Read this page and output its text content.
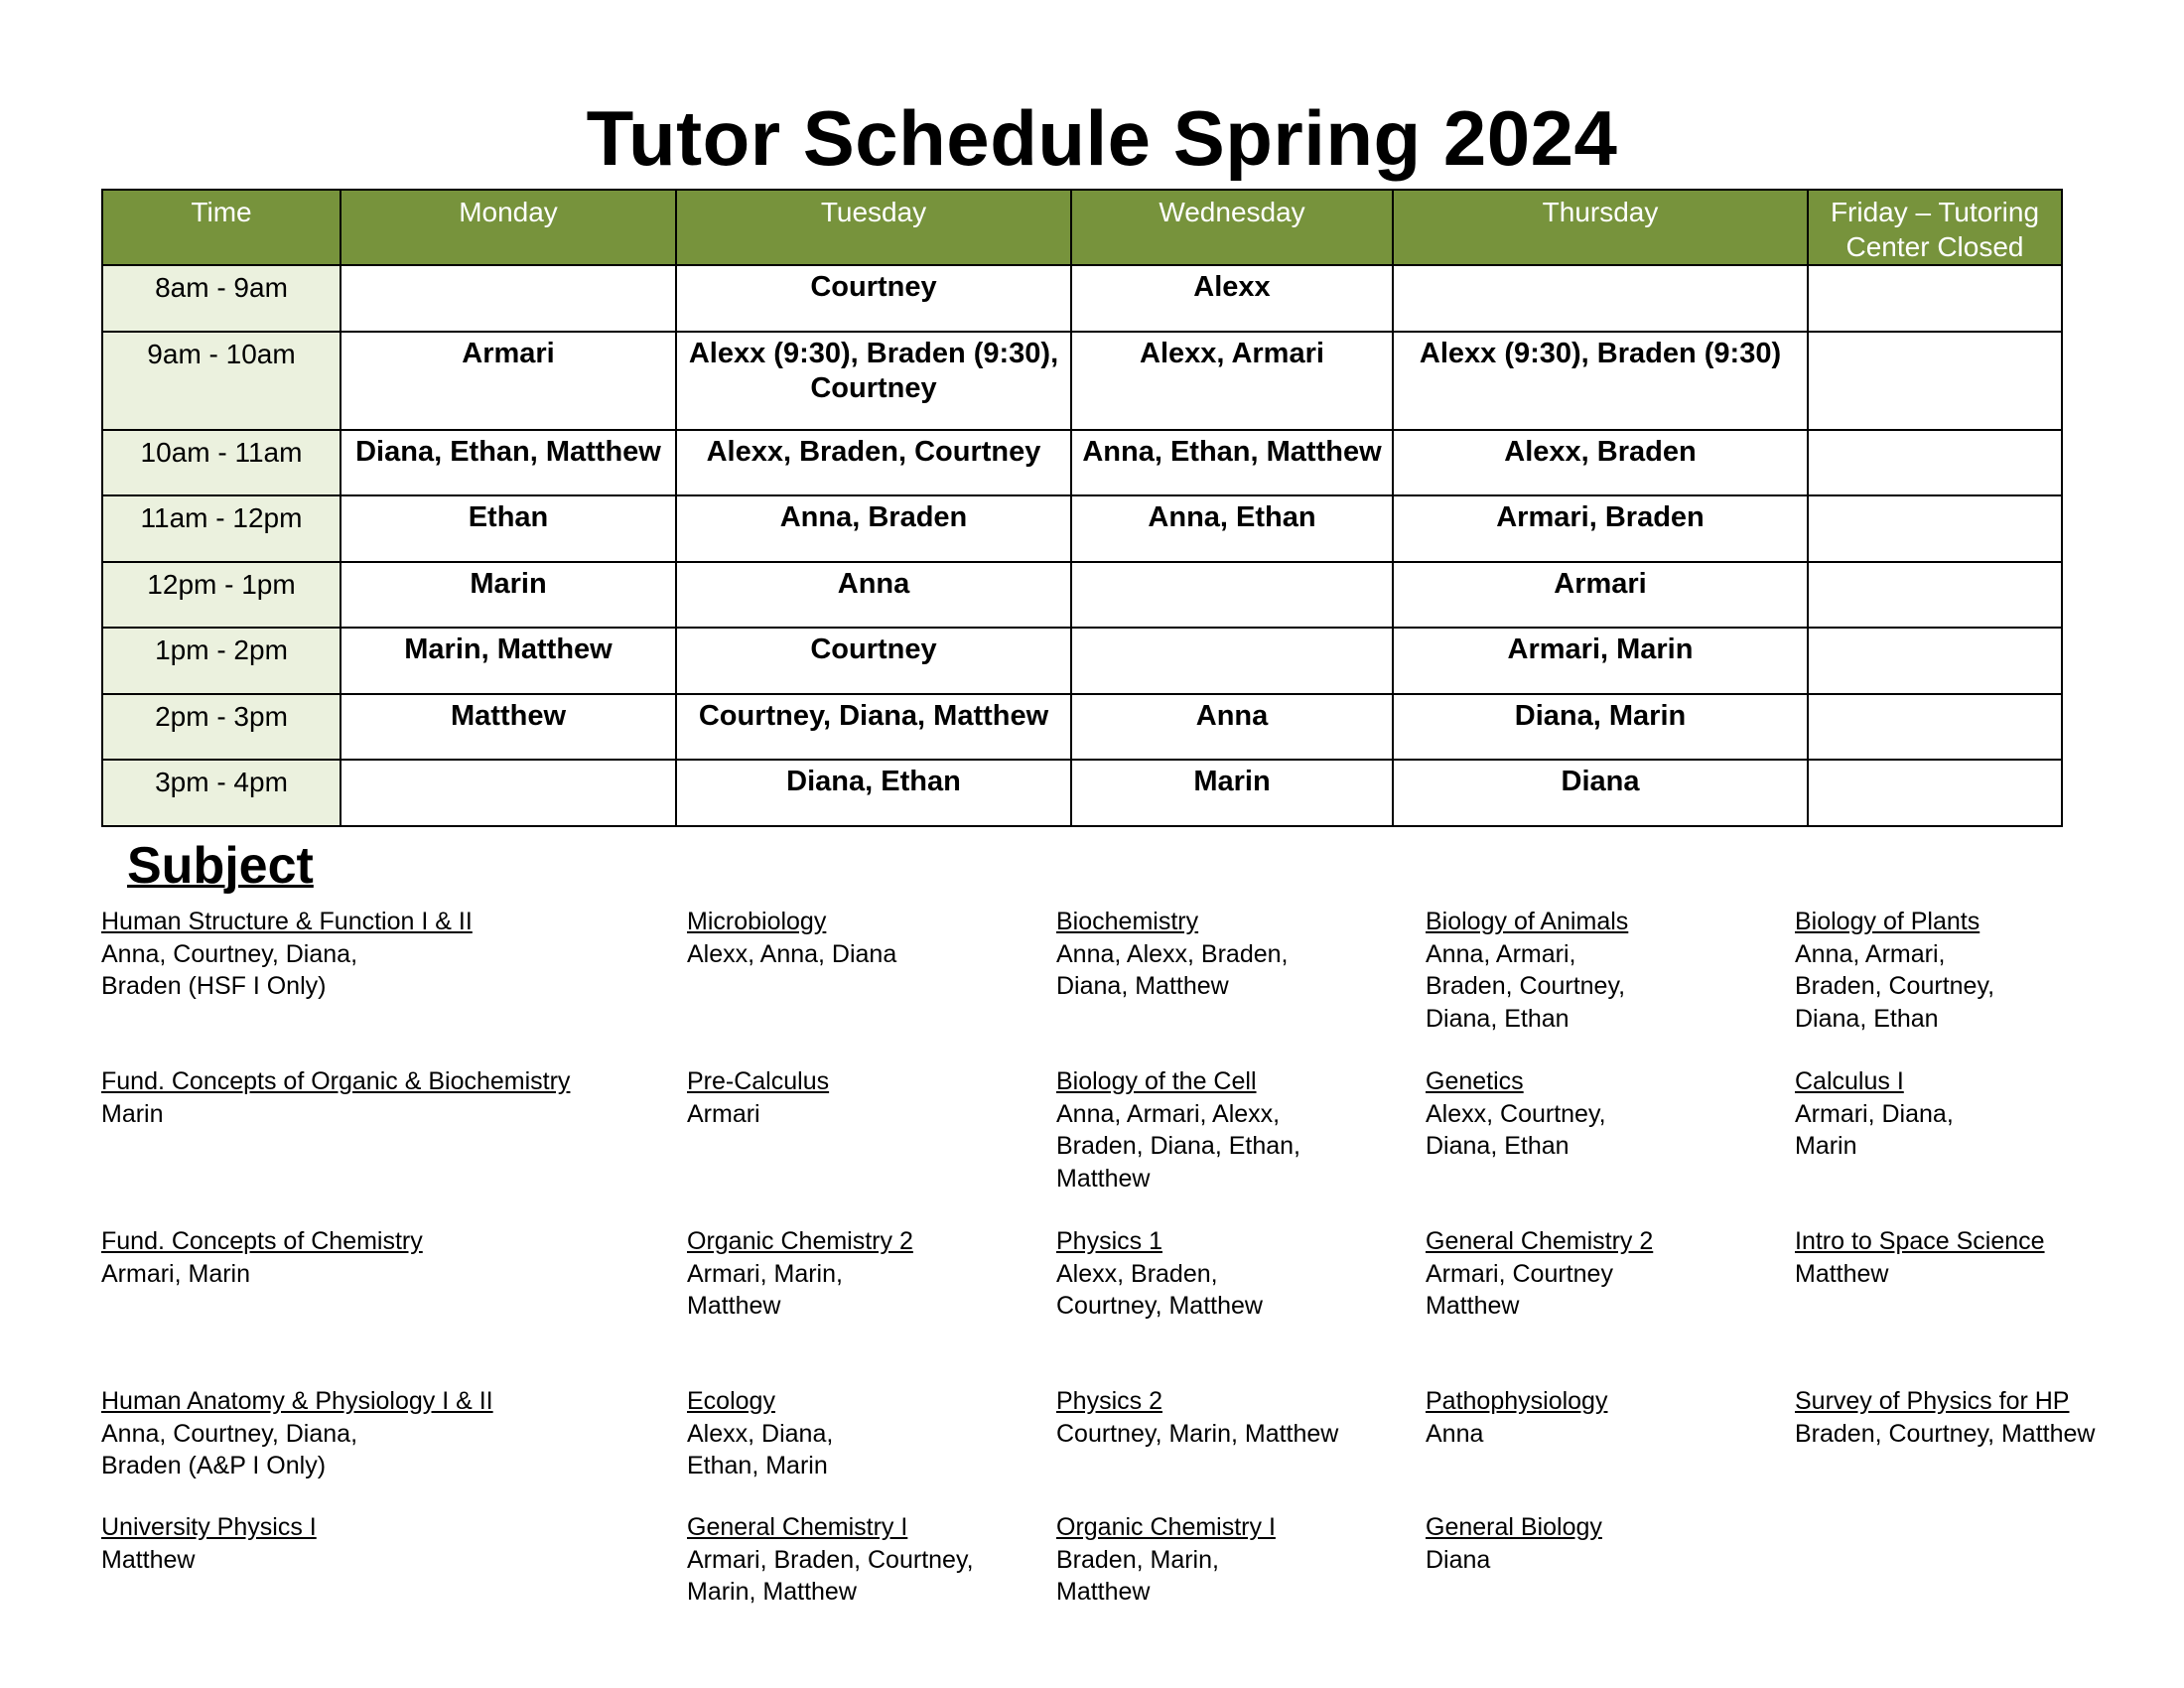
Tutor Schedule Spring 2024
Time	Monday	Tuesday	Wednesday	Thursday	Friday – Tutoring Center Closed
8am - 9am		Courtney	Alexx		
9am - 10am	Armari	Alexx (9:30), Braden (9:30), Courtney	Alexx, Armari	Alexx (9:30), Braden (9:30)	
10am - 11am	Diana, Ethan, Matthew	Alexx, Braden, Courtney	Anna, Ethan, Matthew	Alexx, Braden	
11am - 12pm	Ethan	Anna, Braden	Anna, Ethan	Armari, Braden	
12pm - 1pm	Marin	Anna		Armari	
1pm - 2pm	Marin, Matthew	Courtney		Armari, Marin	
2pm - 3pm	Matthew	Courtney, Diana, Matthew	Anna	Diana, Marin	
3pm - 4pm		Diana, Ethan	Marin	Diana	
Subject
Human Structure & Function I & II
Anna, Courtney, Diana,
Braden (HSF I Only)
Microbiology
Alexx, Anna, Diana
Biochemistry
Anna, Alexx, Braden,
Diana, Matthew
Biology of Animals
Anna, Armari,
Braden, Courtney,
Diana, Ethan
Biology of Plants
Anna, Armari,
Braden, Courtney,
Diana, Ethan
Fund. Concepts of Organic & Biochemistry
Marin
Pre-Calculus
Armari
Biology of the Cell
Anna, Armari, Alexx,
Braden, Diana, Ethan,
Matthew
Genetics
Alexx, Courtney,
Diana, Ethan
Calculus I
Armari, Diana,
Marin
Fund. Concepts of Chemistry
Armari, Marin
Organic Chemistry 2
Armari, Marin,
Matthew
Physics 1
Alexx, Braden,
Courtney, Matthew
General Chemistry 2
Armari, Courtney
Matthew
Intro to Space Science
Matthew
Human Anatomy & Physiology I & II
Anna, Courtney, Diana,
Braden (A&P I Only)
Ecology
Alexx, Diana,
Ethan, Marin
Physics 2
Courtney, Marin, Matthew
Pathophysiology
Anna
Survey of Physics for HP
Braden, Courtney, Matthew
University Physics I
Matthew
General Chemistry I
Armari, Braden, Courtney,
Marin, Matthew
Organic Chemistry I
Braden, Marin,
Matthew
General Biology
Diana
